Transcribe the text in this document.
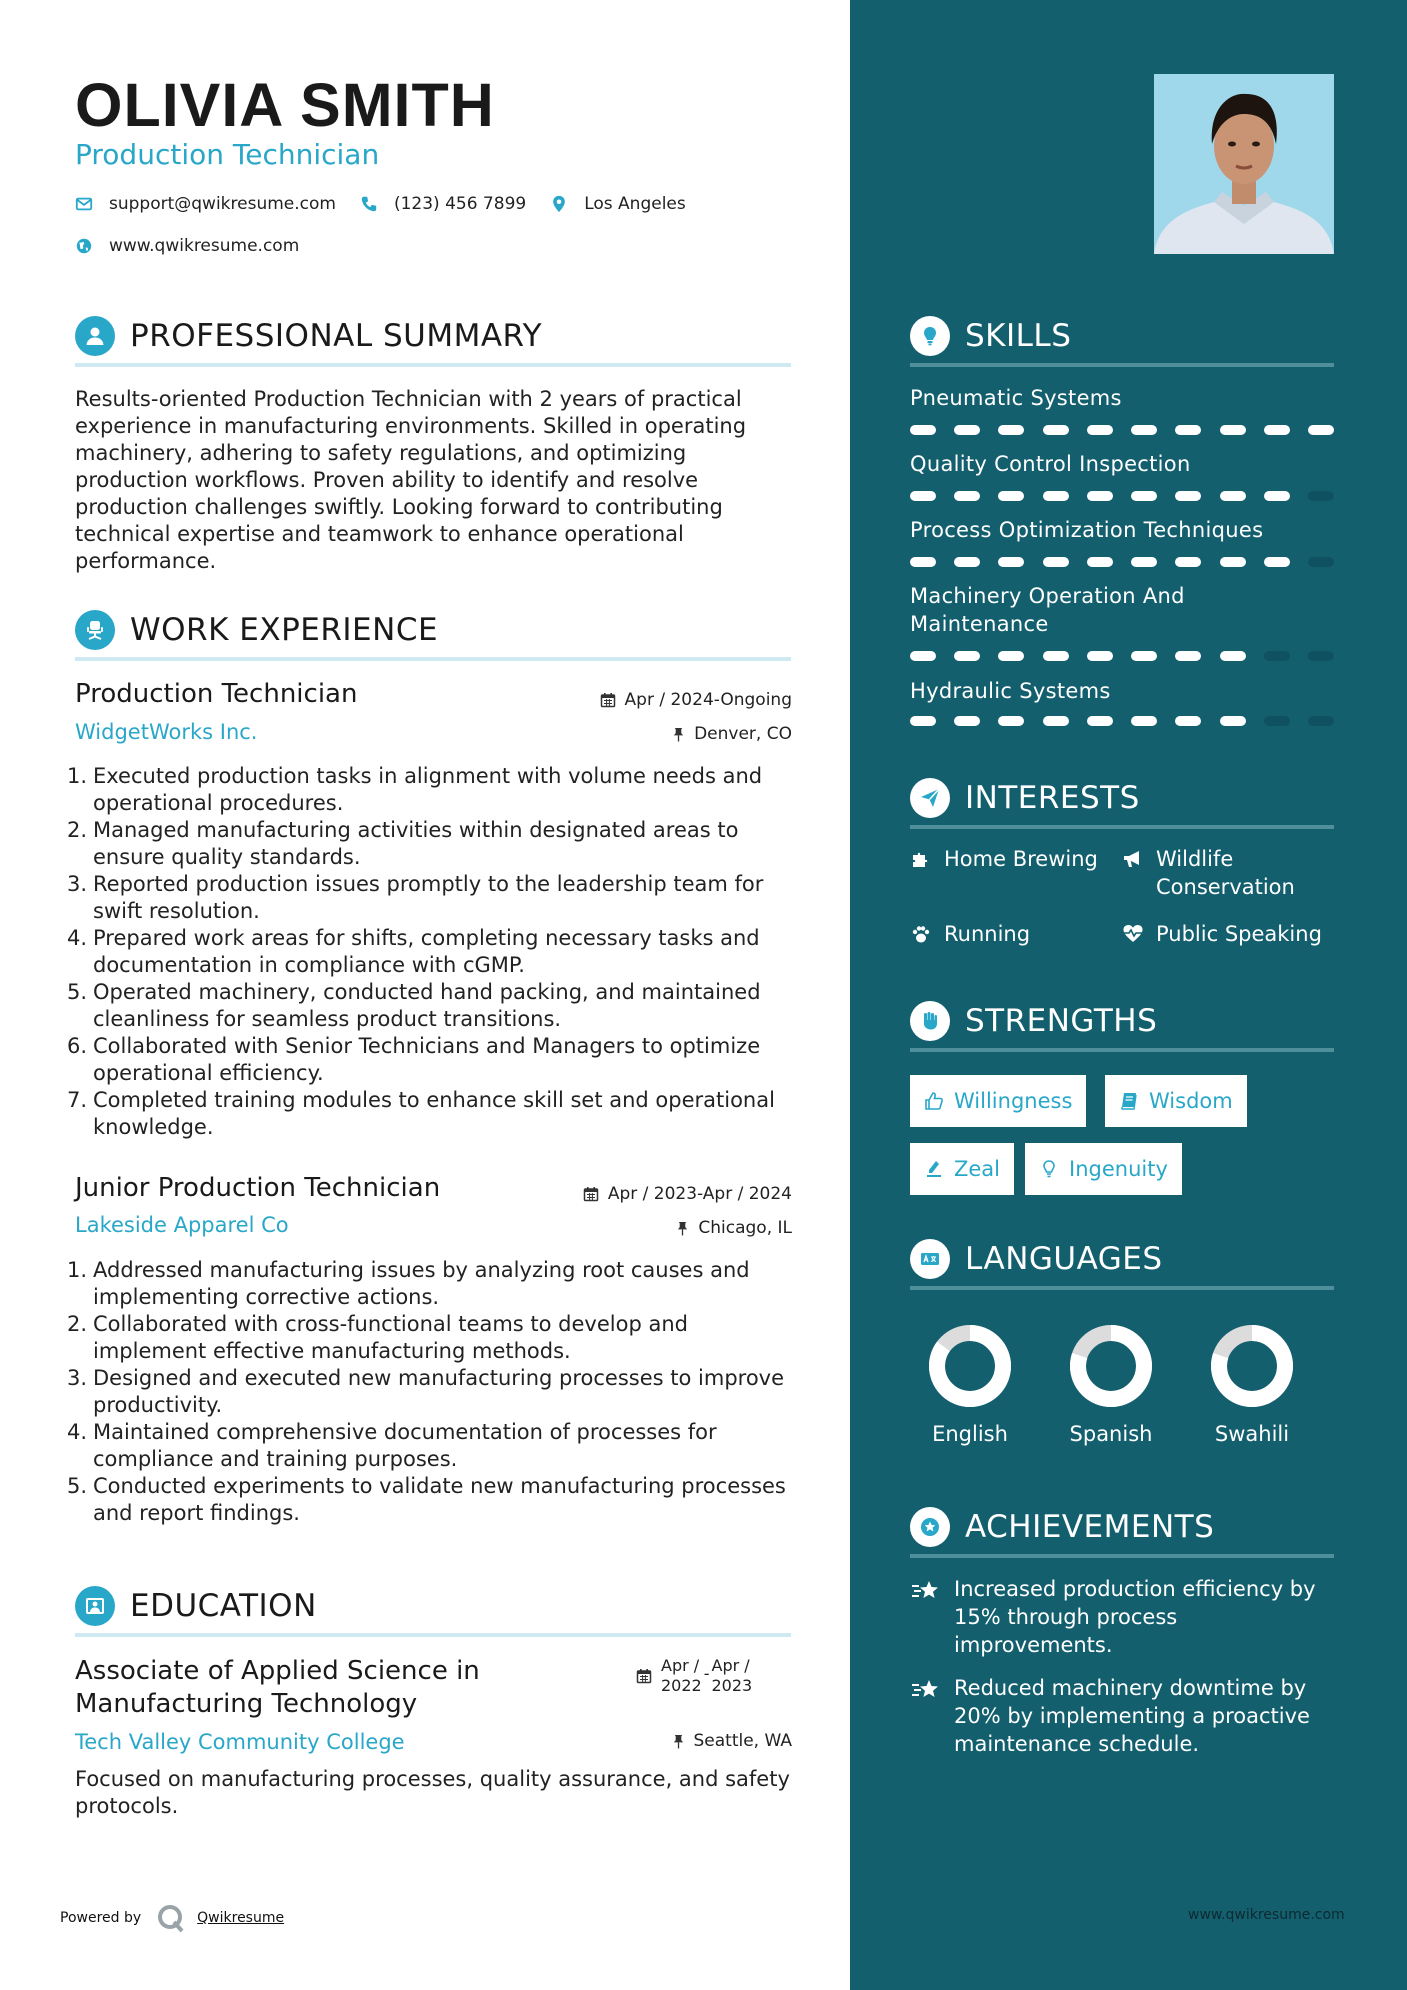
OLIVIA SMITH
Production Technician
support@qwikresume.com	(123) 456 7899	Los Angeles
www.qwikresume.com
PROFESSIONAL SUMMARY
Results-oriented Production Technician with 2 years of practical experience in manufacturing environments. Skilled in operating machinery, adhering to safety regulations, and optimizing production workflows. Proven ability to identify and resolve production challenges swiftly. Looking forward to contributing technical expertise and teamwork to enhance operational performance.
WORK EXPERIENCE
Production Technician	Apr / 2024-Ongoing
WidgetWorks Inc.	Denver, CO
1. Executed production tasks in alignment with volume needs and operational procedures.
2. Managed manufacturing activities within designated areas to ensure quality standards.
3. Reported production issues promptly to the leadership team for swift resolution.
4. Prepared work areas for shifts, completing necessary tasks and documentation in compliance with cGMP.
5. Operated machinery, conducted hand packing, and maintained cleanliness for seamless product transitions.
6. Collaborated with Senior Technicians and Managers to optimize operational efficiency.
7. Completed training modules to enhance skill set and operational knowledge.
Junior Production Technician	Apr / 2023-Apr / 2024
Lakeside Apparel Co	Chicago, IL
1. Addressed manufacturing issues by analyzing root causes and implementing corrective actions.
2. Collaborated with cross-functional teams to develop and implement effective manufacturing methods.
3. Designed and executed new manufacturing processes to improve productivity.
4. Maintained comprehensive documentation of processes for compliance and training purposes.
5. Conducted experiments to validate new manufacturing processes and report findings.
EDUCATION
Associate of Applied Science in Manufacturing Technology
Apr /
2022
- Apr /
2023
Tech Valley Community College	Seattle, WA
Focused on manufacturing processes, quality assurance, and safety protocols.
Powered by	Qwikresume
SKILLS
Pneumatic Systems
Quality Control Inspection
Process Optimization Techniques
Machinery Operation And Maintenance
Hydraulic Systems
INTERESTS
Home Brewing	Wildlife Conservation
Running	Public Speaking
STRENGTHS
Willingness	Wisdom
Zeal	Ingenuity
LANGUAGES
English	Spanish	Swahili
ACHIEVEMENTS
Increased production efficiency by 15% through process improvements.
Reduced machinery downtime by 20% by implementing a proactive maintenance schedule.
www.qwikresume.com
